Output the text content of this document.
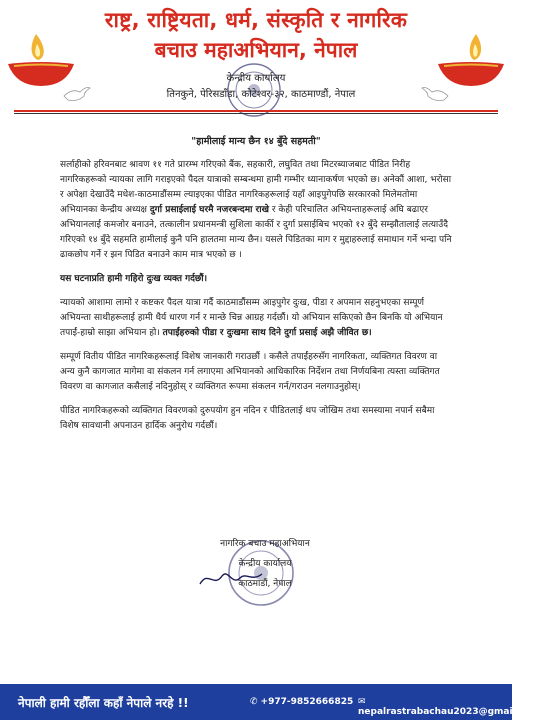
राष्ट्र, राष्ट्रियता, धर्म, संस्कृति र नागरिक
बचाउ महाअभियान, नेपाल
केन्द्रीय कार्यालय
तिनकुने, पेरिसडाँडा, कोटेश्वर-३२, काठमाण्डौं, नेपाल
"हामीलाई मान्य छैन १४ बुँदे सहमती"

सर्लाहीको हरिवनबाट श्रावण ११ गते प्रारम्भ गरिएको बैंक, सहकारी, लघुवित तथा मिटरब्याजबाट पीडित निरीह नागरिकहरूको न्यायका लागि गराइएको पैदल यात्राको सम्बन्धमा हामी गम्भीर ध्यानाकर्षण भएको छ। अनेकौं आशा, भरोसा र अपेक्षा देखाउँदै मधेश-काठमाडौंसम्म ल्याइएका पीडित नागरिकहरूलाई यहाँ आइपुगेपछि सरकारको मिलेमतोमा अभियानका केन्द्रीय अध्यक्ष दुर्गा प्रसाईलाई घरमै नजरबन्दमा राखे र केही परिचालित अभियन्ताहरूलाई अघि बढाएर अभियानलाई कमजोर बनाउने, तत्कालीन प्रधानमन्त्री सुशिला कार्की र दुर्गा प्रसाईबिच भएको १२ बुँदे सम्झौतालाई लत्याउँदै गरिएको १४ बुँदे सहमति हामीलाई कुनै पनि हालतमा मान्य छैन। यसले पिडितका माग र मुद्दाहरुलाई समाधान गर्ने भन्दा पनि ढाकछोप गर्ने र झन पिडित बनाउने काम मात्र भएको छ ।

यस घटनाप्रति हामी गहिरो दुःख व्यक्त गर्दछौं।

न्यायको आशामा लामो र कष्टकर पैदल यात्रा गर्दै काठमाडौंसम्म आइपुगेर दुःख, पीडा र अपमान सहनुभएका सम्पूर्ण अभियन्ता साथीहरूलाई हामी धैर्य धारण गर्न र मान्छे चिन्न आग्रह गर्दछौं। यो अभियान सकिएको छैन बिनकि यो अभियान तपाईं-हाम्रो साझा अभियान हो। तपाईंहरुको पीडा र दुःखमा साथ दिने दुर्गा प्रसाई अझै जीवित छ।

सम्पूर्ण वितीय पीडित नागरिकहरूलाई विशेष जानकारी गराउछौं । कसैले तपाईंहरुसँग नागरिकता, व्यक्तिगत विवरण वा अन्य कुनै कागजात मागेमा वा संकलन गर्न लगाएमा अभियानको आधिकारिक निर्देशन तथा निर्णयबिना त्यस्ता व्यक्तिगत विवरण वा कागजात कसैलाई नदिनुहोस् र व्यक्तिगत रूपमा संकलन गर्न/गराउन नलगाउनुहोस्।

पीडित नागरिकहरूको व्यक्तिगत विवरणको दुरुपयोग हुन नदिन र पीडितलाई थप जोखिम तथा समस्यामा नपार्न सबैमा विशेष सावधानी अपनाउन हार्दिक अनुरोध गर्दछौं।

नागरिक बचाउ महाअभियान
केन्द्रीय कार्यालय
काठमाडौं, नेपाल
नेपाली हामी रहौँला कहाँ नेपाले नरहे !!	✆ +977-9852666825 ✉nepalrastrabachau2023@gmail.com
